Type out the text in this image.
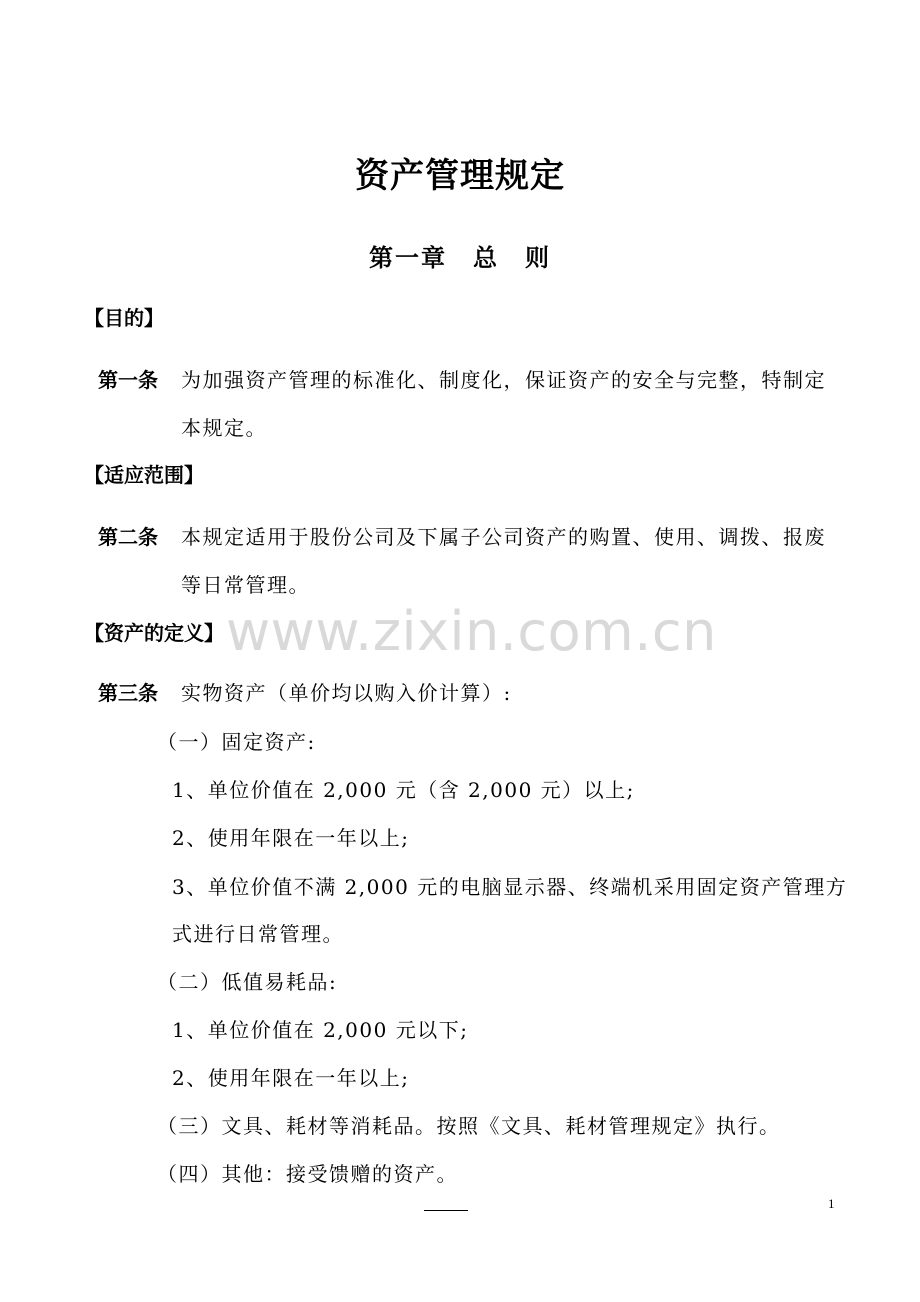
www.zixin.com.cn
资产管理规定
第一章　总　则
【目的】
第一条 为加强资产管理的标准化、制度化，保证资产的安全与完整，特制定
本规定。
【适应范围】
第二条 本规定适用于股份公司及下属子公司资产的购置、使用、调拨、报废
等日常管理。
【资产的定义】
第三条 实物资产（单价均以购入价计算）:
（一）固定资产:
1、单位价值在 2,000 元（含 2,000 元）以上;
2、使用年限在一年以上;
3、单位价值不满 2,000 元的电脑显示器、终端机采用固定资产管理方
式进行日常管理。
（二）低值易耗品:
1、单位价值在 2,000 元以下;
2、使用年限在一年以上;
（三）文具、耗材等消耗品。按照《文具、耗材管理规定》执行。
（四）其他：接受馈赠的资产。
1
